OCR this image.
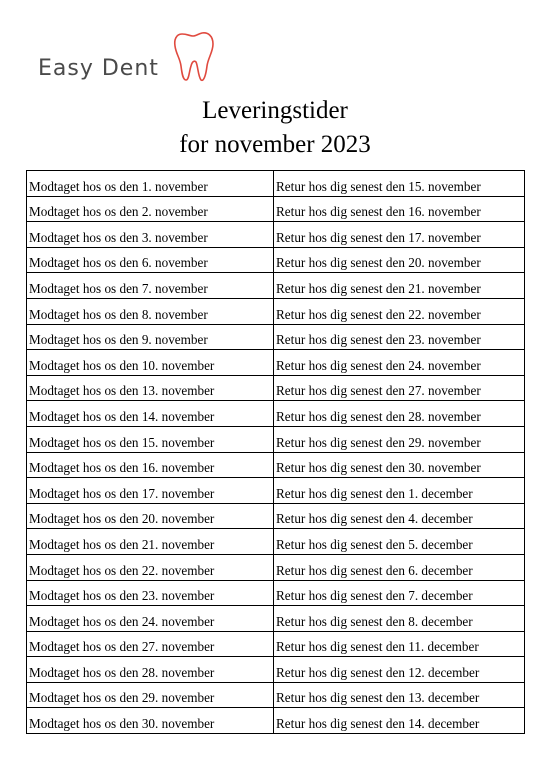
Easy Dent
Leveringstider
for november 2023
Modtaget hos os den 1. november	Retur hos dig senest den 15. november
Modtaget hos os den 2. november	Retur hos dig senest den 16. november
Modtaget hos os den 3. november	Retur hos dig senest den 17. november
Modtaget hos os den 6. november	Retur hos dig senest den 20. november
Modtaget hos os den 7. november	Retur hos dig senest den 21. november
Modtaget hos os den 8. november	Retur hos dig senest den 22. november
Modtaget hos os den 9. november	Retur hos dig senest den 23. november
Modtaget hos os den 10. november	Retur hos dig senest den 24. november
Modtaget hos os den 13. november	Retur hos dig senest den 27. november
Modtaget hos os den 14. november	Retur hos dig senest den 28. november
Modtaget hos os den 15. november	Retur hos dig senest den 29. november
Modtaget hos os den 16. november	Retur hos dig senest den 30. november
Modtaget hos os den 17. november	Retur hos dig senest den 1. december
Modtaget hos os den 20. november	Retur hos dig senest den 4. december
Modtaget hos os den 21. november	Retur hos dig senest den 5. december
Modtaget hos os den 22. november	Retur hos dig senest den 6. december
Modtaget hos os den 23. november	Retur hos dig senest den 7. december
Modtaget hos os den 24. november	Retur hos dig senest den 8. december
Modtaget hos os den 27. november	Retur hos dig senest den 11. december
Modtaget hos os den 28. november	Retur hos dig senest den 12. december
Modtaget hos os den 29. november	Retur hos dig senest den 13. december
Modtaget hos os den 30. november	Retur hos dig senest den 14. december
